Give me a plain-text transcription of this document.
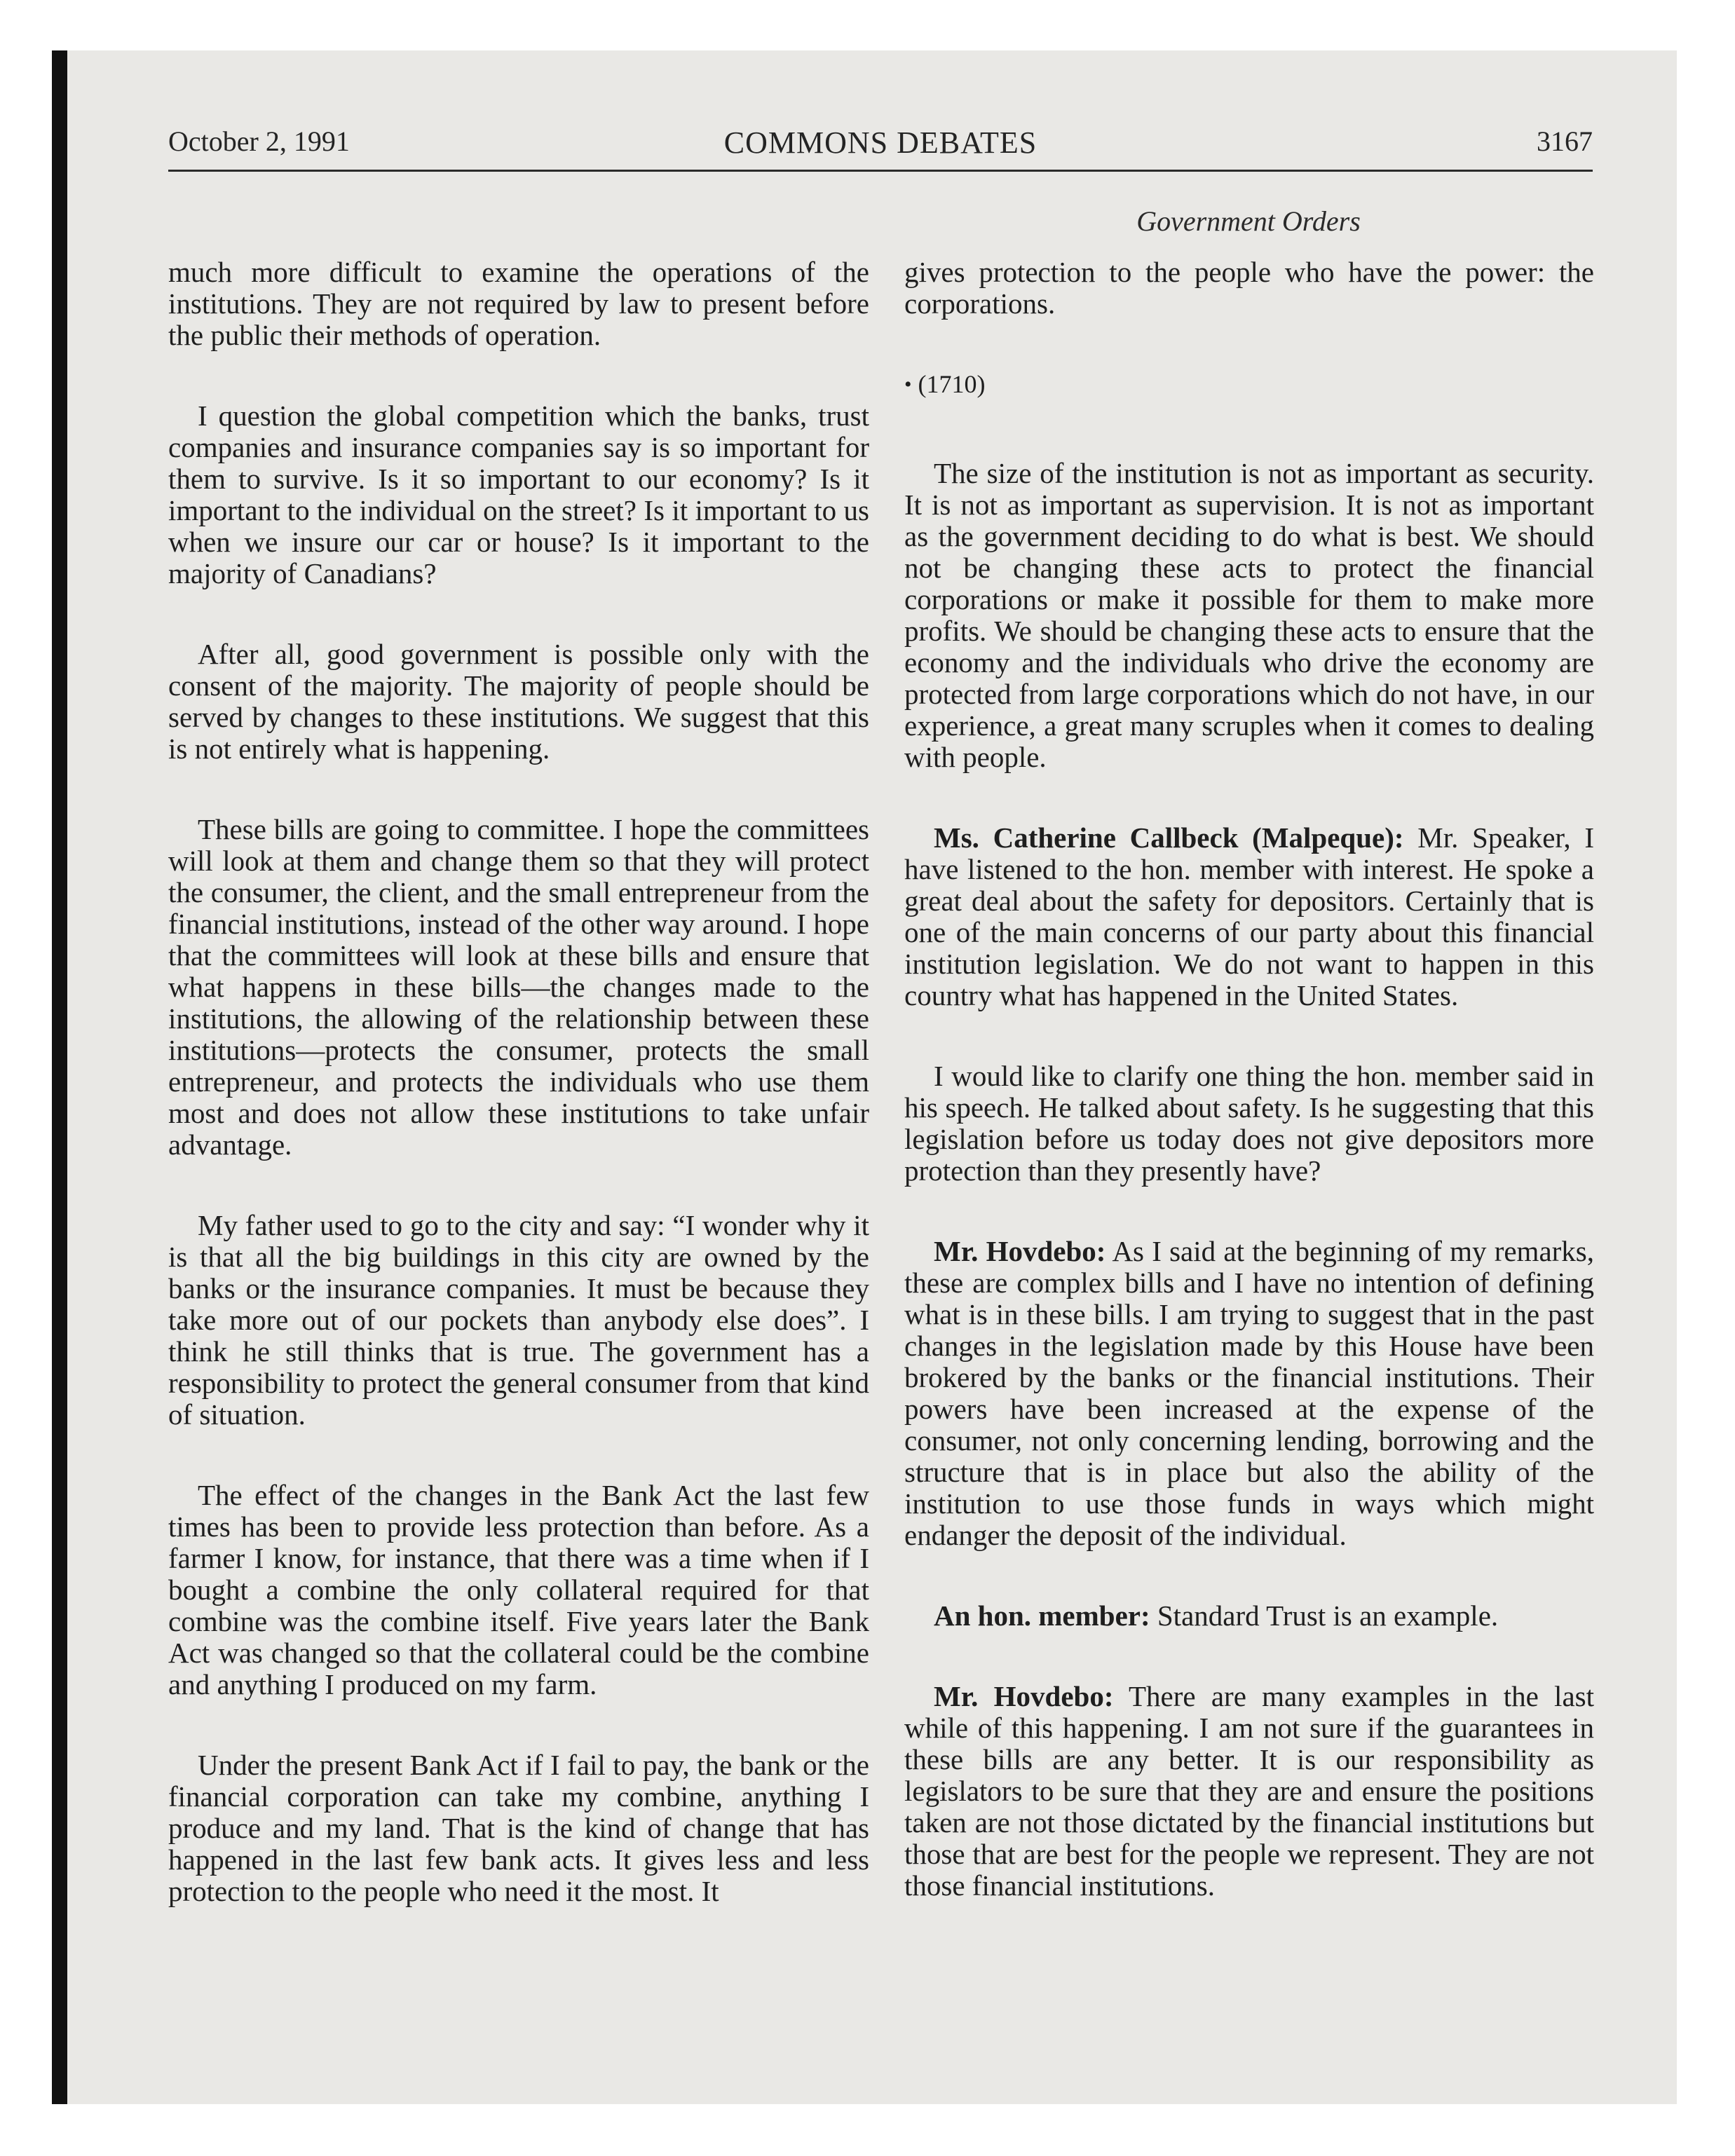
October 2, 1991	COMMONS DEBATES	3167
Government Orders

much more difficult to examine the operations of the institutions. They are not required by law to present before the public their methods of operation.

I question the global competition which the banks, trust companies and insurance companies say is so important for them to survive. Is it so important to our economy? Is it important to the individual on the street? Is it important to us when we insure our car or house? Is it important to the majority of Canadians?

After all, good government is possible only with the consent of the majority. The majority of people should be served by changes to these institutions. We suggest that this is not entirely what is happening.

These bills are going to committee. I hope the committees will look at them and change them so that they will protect the consumer, the client, and the small entrepreneur from the financial institutions, instead of the other way around. I hope that the committees will look at these bills and ensure that what happens in these bills—the changes made to the institutions, the allowing of the relationship between these institutions—protects the consumer, protects the small entrepreneur, and protects the individuals who use them most and does not allow these institutions to take unfair advantage.

My father used to go to the city and say: “I wonder why it is that all the big buildings in this city are owned by the banks or the insurance companies. It must be because they take more out of our pockets than anybody else does”. I think he still thinks that is true. The government has a responsibility to protect the general consumer from that kind of situation.

The effect of the changes in the Bank Act the last few times has been to provide less protection than before. As a farmer I know, for instance, that there was a time when if I bought a combine the only collateral required for that combine was the combine itself. Five years later the Bank Act was changed so that the collateral could be the combine and anything I produced on my farm.

Under the present Bank Act if I fail to pay, the bank or the financial corporation can take my combine, anything I produce and my land. That is the kind of change that has happened in the last few bank acts. It gives less and less protection to the people who need it the most. It

gives protection to the people who have the power: the corporations.

• (1710)

The size of the institution is not as important as security. It is not as important as supervision. It is not as important as the government deciding to do what is best. We should not be changing these acts to protect the financial corporations or make it possible for them to make more profits. We should be changing these acts to ensure that the economy and the individuals who drive the economy are protected from large corporations which do not have, in our experience, a great many scruples when it comes to dealing with people.

Ms. Catherine Callbeck (Malpeque): Mr. Speaker, I have listened to the hon. member with interest. He spoke a great deal about the safety for depositors. Certainly that is one of the main concerns of our party about this financial institution legislation. We do not want to happen in this country what has happened in the United States.

I would like to clarify one thing the hon. member said in his speech. He talked about safety. Is he suggesting that this legislation before us today does not give depositors more protection than they presently have?

Mr. Hovdebo: As I said at the beginning of my remarks, these are complex bills and I have no intention of defining what is in these bills. I am trying to suggest that in the past changes in the legislation made by this House have been brokered by the banks or the financial institutions. Their powers have been increased at the expense of the consumer, not only concerning lending, borrowing and the structure that is in place but also the ability of the institution to use those funds in ways which might endanger the deposit of the individual.

An hon. member: Standard Trust is an example.

Mr. Hovdebo: There are many examples in the last while of this happening. I am not sure if the guarantees in these bills are any better. It is our responsibility as legislators to be sure that they are and ensure the positions taken are not those dictated by the financial institutions but those that are best for the people we represent. They are not those financial institutions.
